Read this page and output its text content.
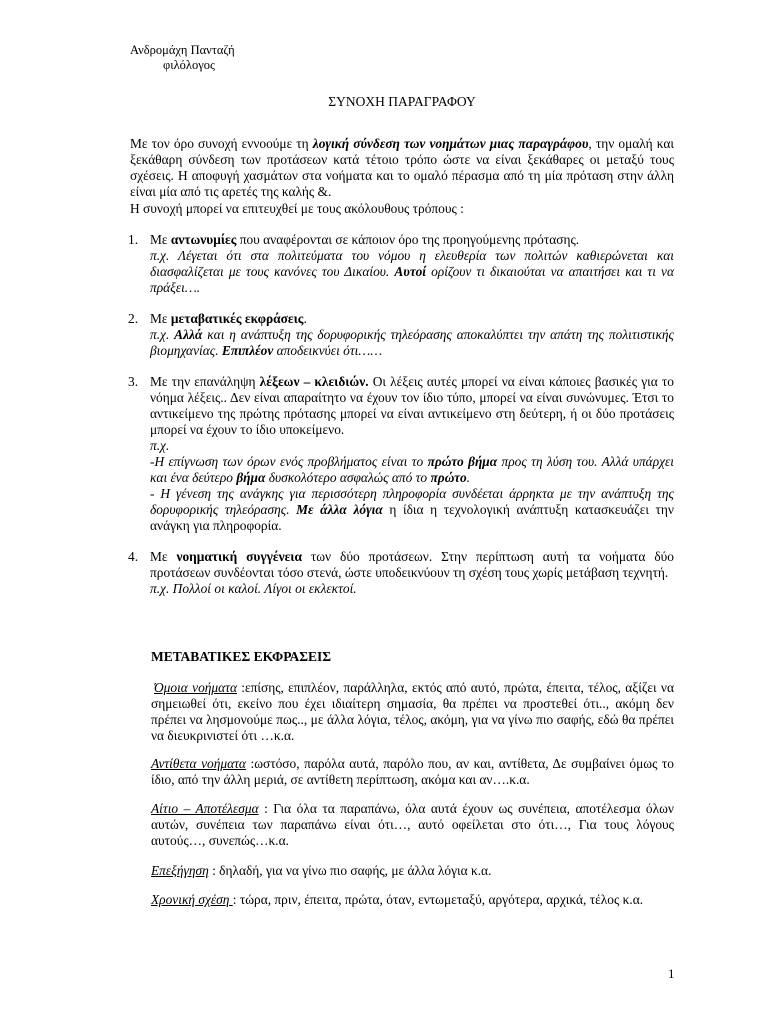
Ανδρομάχη Πανταζή
φιλόλογος
ΣΥΝΟΧΗ ΠΑΡΑΓΡΑΦΟΥ
Με τον όρο συνοχή εννοούμε τη λογική σύνδεση των νοημάτων μιας παραγράφου, την ομαλή και ξεκάθαρη σύνδεση των προτάσεων κατά τέτοιο τρόπο ώστε να είναι ξεκάθαρες οι μεταξύ τους σχέσεις. Η αποφυγή χασμάτων στα νοήματα και το ομαλό πέρασμα από τη μία πρόταση στην άλλη είναι μία από τις αρετές της καλής &.
Η συνοχή μπορεί να επιτευχθεί με τους ακόλουθους τρόπους :
1. Με αντωνυμίες που αναφέρονται σε κάποιον όρο της προηγούμενης πρότασης.
π.χ. Λέγεται ότι στα πολιτεύματα του νόμου η ελευθερία των πολιτών καθιερώνεται και διασφαλίζεται με τους κανόνες του Δικαίου. Αυτοί ορίζουν τι δικαιούται να απαιτήσει και τι να πράξει….
2. Με μεταβατικές εκφράσεις.
π.χ. Αλλά και η ανάπτυξη της δορυφορικής τηλεόρασης αποκαλύπτει την απάτη της πολιτιστικής βιομηχανίας. Επιπλέον αποδεικνύει ότι……
3. Με την επανάληψη λέξεων – κλειδιών. Οι λέξεις αυτές μπορεί να είναι κάποιες βασικές για το νόημα λέξεις.. Δεν είναι απαραίτητο να έχουν τον ίδιο τύπο, μπορεί να είναι συνώνυμες. Έτσι το αντικείμενο της πρώτης πρότασης μπορεί να είναι αντικείμενο στη δεύτερη, ή οι δύο προτάσεις μπορεί να έχουν το ίδιο υποκείμενο.
π.χ.
-Η επίγνωση των όρων ενός προβλήματος είναι το πρώτο βήμα προς τη λύση του. Αλλά υπάρχει και ένα δεύτερο βήμα δυσκολότερο ασφαλώς από το πρώτο.
- Η γένεση της ανάγκης για περισσότερη πληροφορία συνδέεται άρρηκτα με την ανάπτυξη της δορυφορικής τηλεόρασης. Με άλλα λόγια η ίδια η τεχνολογική ανάπτυξη κατασκευάζει την ανάγκη για πληροφορία.
4. Με νοηματική συγγένεια των δύο προτάσεων. Στην περίπτωση αυτή τα νοήματα δύο προτάσεων συνδέονται τόσο στενά, ώστε υποδεικνύουν τη σχέση τους χωρίς μετάβαση τεχνητή.
π.χ. Πολλοί οι καλοί. Λίγοι οι εκλεκτοί.
ΜΕΤΑΒΑΤΙΚΕΣ ΕΚΦΡΑΣΕΙΣ
Όμοια νοήματα :επίσης, επιπλέον, παράλληλα, εκτός από αυτό, πρώτα, έπειτα, τέλος, αξίζει να σημειωθεί ότι, εκείνο που έχει ιδιαίτερη σημασία, θα πρέπει να προστεθεί ότι.., ακόμη δεν πρέπει να λησμονούμε πως.., με άλλα λόγια, τέλος, ακόμη, για να γίνω πιο σαφής, εδώ θα πρέπει να διευκρινιστεί ότι …κ.α.
Αντίθετα νοήματα :ωστόσο, παρόλα αυτά, παρόλο που, αν και, αντίθετα, Δε συμβαίνει όμως το ίδιο, από την άλλη μεριά, σε αντίθετη περίπτωση, ακόμα και αν….κ.α.
Αίτιο – Αποτέλεσμα : Για όλα τα παραπάνω, όλα αυτά έχουν ως συνέπεια, αποτέλεσμα όλων αυτών, συνέπεια των παραπάνω είναι ότι…, αυτό οφείλεται στο ότι…, Για τους λόγους αυτούς…, συνεπώς…κ.α.
Επεξήγηση : δηλαδή, για να γίνω πιο σαφής, με άλλα λόγια κ.α.
Χρονική σχέση : τώρα, πριν, έπειτα, πρώτα, όταν, εντωμεταξύ, αργότερα, αρχικά, τέλος κ.α.
1
